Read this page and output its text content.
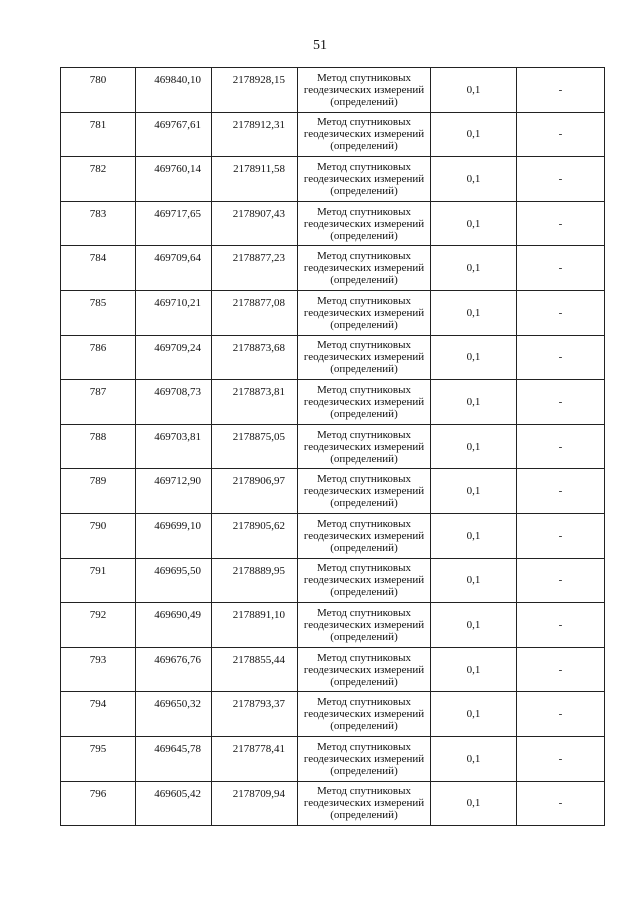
51
780	469840,10	2178928,15	Метод спутниковых
геодезических измерений
(определений)	0,1	-
781	469767,61	2178912,31	Метод спутниковых
геодезических измерений
(определений)	0,1	-
782	469760,14	2178911,58	Метод спутниковых
геодезических измерений
(определений)	0,1	-
783	469717,65	2178907,43	Метод спутниковых
геодезических измерений
(определений)	0,1	-
784	469709,64	2178877,23	Метод спутниковых
геодезических измерений
(определений)	0,1	-
785	469710,21	2178877,08	Метод спутниковых
геодезических измерений
(определений)	0,1	-
786	469709,24	2178873,68	Метод спутниковых
геодезических измерений
(определений)	0,1	-
787	469708,73	2178873,81	Метод спутниковых
геодезических измерений
(определений)	0,1	-
788	469703,81	2178875,05	Метод спутниковых
геодезических измерений
(определений)	0,1	-
789	469712,90	2178906,97	Метод спутниковых
геодезических измерений
(определений)	0,1	-
790	469699,10	2178905,62	Метод спутниковых
геодезических измерений
(определений)	0,1	-
791	469695,50	2178889,95	Метод спутниковых
геодезических измерений
(определений)	0,1	-
792	469690,49	2178891,10	Метод спутниковых
геодезических измерений
(определений)	0,1	-
793	469676,76	2178855,44	Метод спутниковых
геодезических измерений
(определений)	0,1	-
794	469650,32	2178793,37	Метод спутниковых
геодезических измерений
(определений)	0,1	-
795	469645,78	2178778,41	Метод спутниковых
геодезических измерений
(определений)	0,1	-
796	469605,42	2178709,94	Метод спутниковых
геодезических измерений
(определений)	0,1	-
